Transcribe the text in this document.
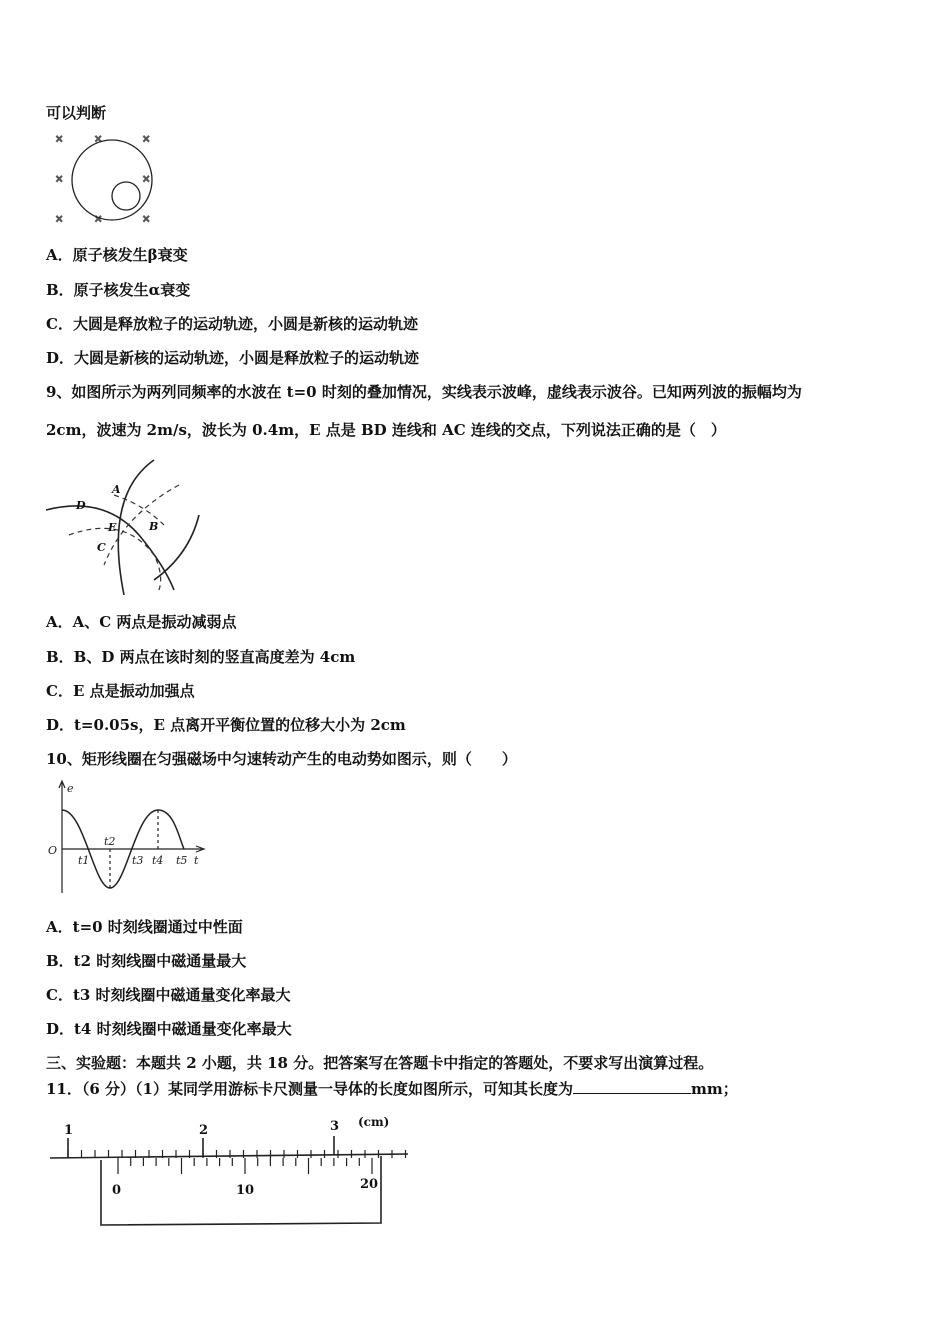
可以判断
×	×	×
×	×
×	×	×
A．原子核发生β衰变
B．原子核发生α衰变
C．大圆是释放粒子的运动轨迹，小圆是新核的运动轨迹
D．大圆是新核的运动轨迹，小圆是释放粒子的运动轨迹
9、如图所示为两列同频率的水波在 t=0 时刻的叠加情况，实线表示波峰，虚线表示波谷。已知两列波的振幅均为
2cm，波速为 2m/s，波长为 0.4m，E 点是 BD 连线和 AC 连线的交点，下列说法正确的是（　）
A
B
C
D
E
A．A、C 两点是振动减弱点
B．B、D 两点在该时刻的竖直高度差为 4cm
C．E 点是振动加强点
D．t=0.05s，E 点离开平衡位置的位移大小为 2cm
10、矩形线圈在匀强磁场中匀速转动产生的电动势如图示，则（　　）
e
t
O
t1
t2
t3 t4 t5
A．t=0 时刻线圈通过中性面
B．t2 时刻线圈中磁通量最大
C．t3 时刻线圈中磁通量变化率最大
D．t4 时刻线圈中磁通量变化率最大
三、实验题：本题共 2 小题，共 18 分。把答案写在答题卡中指定的答题处，不要求写出演算过程。
11．（6 分）（1）某同学用游标卡尺测量一导体的长度如图所示，可知其长度为	mm；
1	2	3 (cm)
0	10	20
